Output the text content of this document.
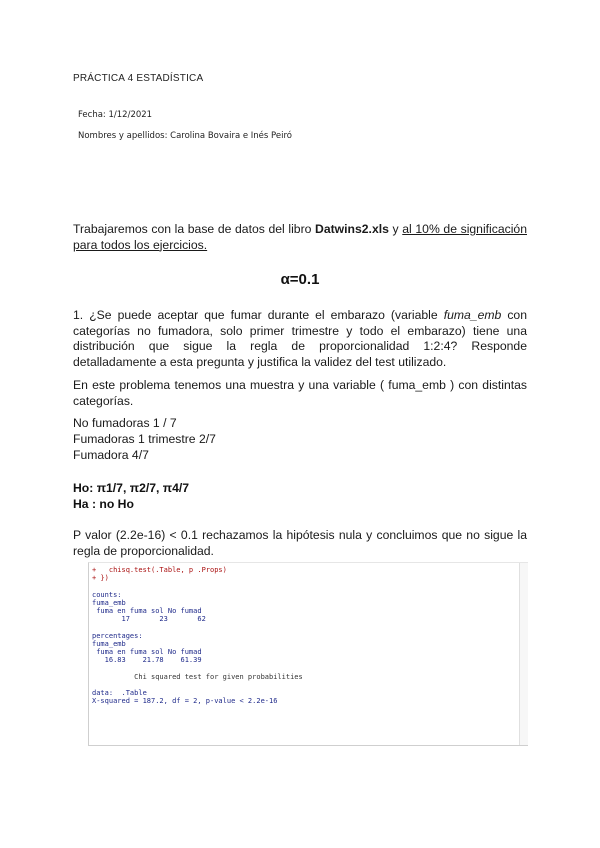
PRÁCTICA 4 ESTADÍSTICA
Fecha: 1/12/2021
Nombres y apellidos: Carolina Bovaira e Inés Peiró
Trabajaremos con la base de datos del libro Datwins2.xls y al 10% de significación para todos los ejercicios.
α=0.1
1. ¿Se puede aceptar que fumar durante el embarazo (variable fuma_emb con categorías no fumadora, solo primer trimestre y todo el embarazo) tiene una distribución que sigue la regla de proporcionalidad 1:2:4? Responde detalladamente a esta pregunta y justifica la validez del test utilizado.
En este problema tenemos una muestra y una variable ( fuma_emb ) con distintas categorías.
No fumadoras 1 / 7
Fumadoras 1 trimestre 2/7
Fumadora 4/7
Ho: π1/7, π2/7, π4/7
Ha : no Ho
P valor (2.2e-16) < 0.1 rechazamos la hipótesis nula y concluimos que no sigue la regla de proporcionalidad.
+   chisq.test(.Table, p .Props)
+ })
counts:
fuma_emb
fuma en fuma sol No fumad
17       23       62
percentages:
fuma_emb
fuma en fuma sol No fumad
16.83    21.78    61.39
Chi squared test for given probabilities
data:  .Table
X-squared = 187.2, df = 2, p-value < 2.2e-16
